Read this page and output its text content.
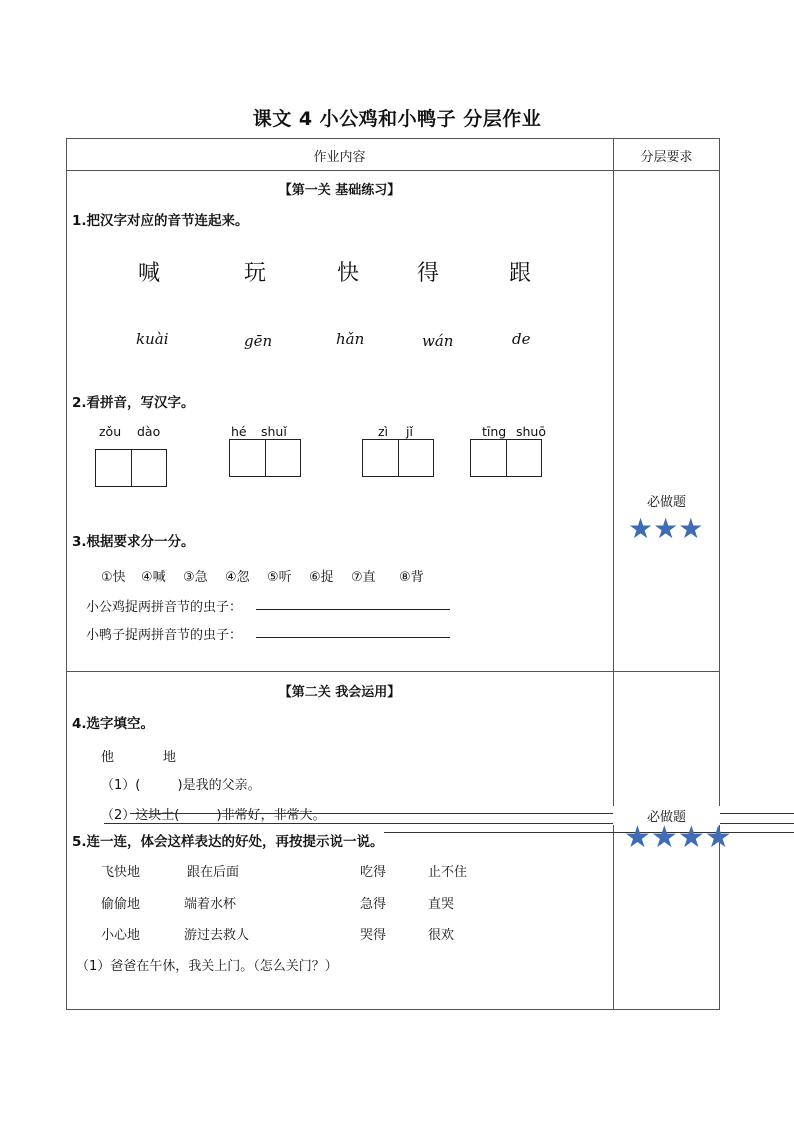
课文 4 小公鸡和小鸭子 分层作业
作业内容	分层要求
【第一关 基础练习】
1.把汉字对应的音节连起来。
喊	玩	快	得	跟
kuài	gēn	hǎn	wán	de
2.看拼音，写汉字。
zǒu dào	hé shuǐ	zì jǐ	tīng shuō
3.根据要求分一分。
①快 ④喊 ③急 ④忽 ⑤听 ⑥捉 ⑦直 ⑧背
小公鸡捉两拼音节的虫子：
小鸭子捉两拼音节的虫子：
必做题
★★★
【第二关 我会运用】
4.选字填空。
他	地
（1）(         )是我的父亲。
（2）这块土(         )非常好，非常大。
5.连一连，体会这样表达的好处，再按提示说一说。
飞快地	跟在后面	吃得	止不住
偷偷地	端着水杯	急得	直哭
小心地	游过去救人	哭得	很欢
（1）爸爸在午休，我关上门。（怎么关门？）
必做题
★★★★
